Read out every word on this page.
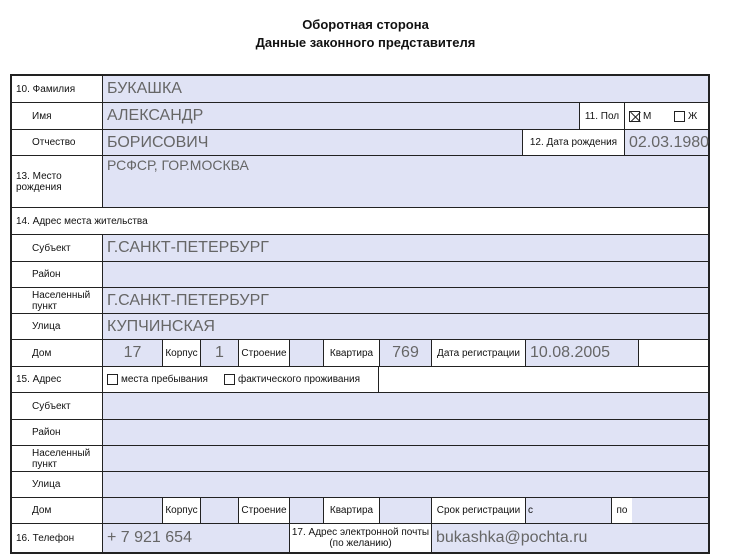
Оборотная сторона
Данные законного представителя
10. Фамилия	БУКАШКА
Имя	АЛЕКСАНДР	11. Пол	М	Ж
Отчество	БОРИСОВИЧ	12. Дата рождения 02.03.1980
13. Место рождения
РСФСР, ГОР.МОСКВА
14. Адрес места жительства
Субъект	Г.САНКТ-ПЕТЕРБУРГ
Район
Населенный пункт	Г.САНКТ-ПЕТЕРБУРГ
Улица	КУПЧИНСКАЯ
Дом	17	Корпус	1	Строение	Квартира	769	Дата регистрации 10.08.2005
15. Адрес	места пребывания	фактического проживания
Субъект
Район
Населенный пункт
Улица
Дом	Корпус	Строение	Квартира	Срок регистрации с	по
16. Телефон	+ 7 921 654	17. Адрес электронной почты (по желанию)	bukashka@pochta.ru
